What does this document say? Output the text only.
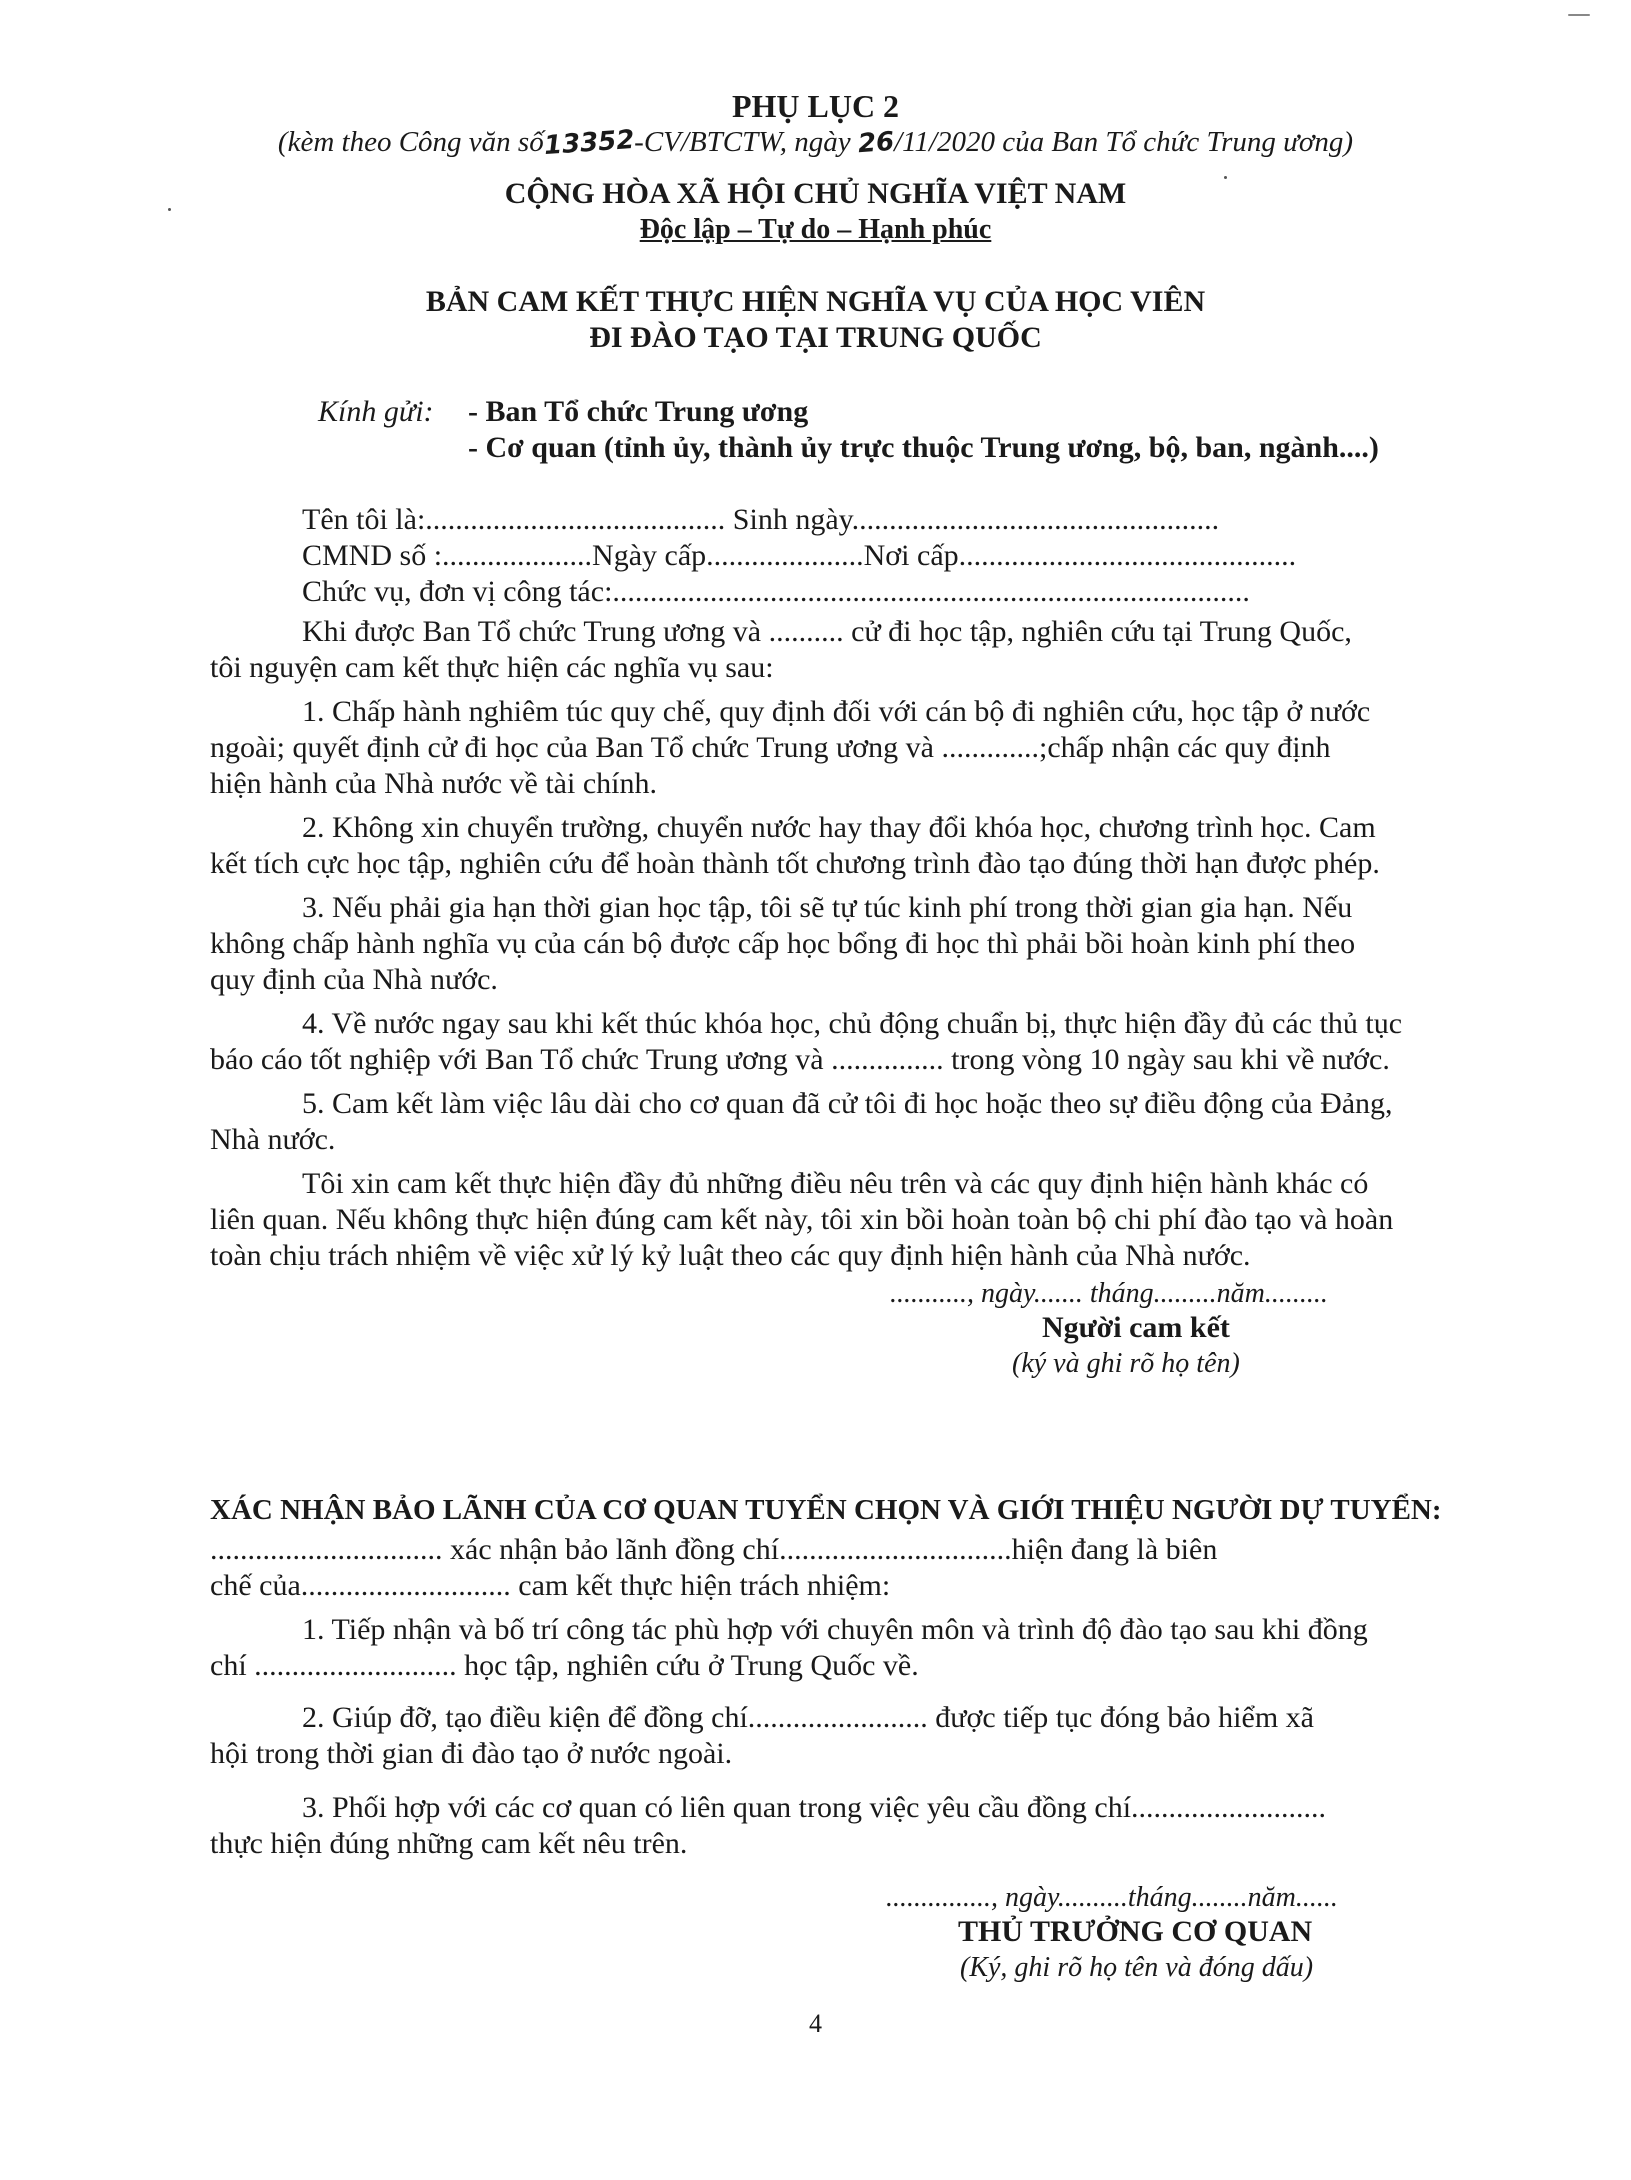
PHỤ LỤC 2
(kèm theo Công văn số13352-CV/BTCTW, ngày 26/11/2020 của Ban Tổ chức Trung ương)
CỘNG HÒA XÃ HỘI CHỦ NGHĨA VIỆT NAM
Độc lập – Tự do – Hạnh phúc
BẢN CAM KẾT THỰC HIỆN NGHĨA VỤ CỦA HỌC VIÊN
ĐI ĐÀO TẠO TẠI TRUNG QUỐC
Kính gửi: - Ban Tổ chức Trung ương
- Cơ quan (tỉnh ủy, thành ủy trực thuộc Trung ương, bộ, ban, ngành....)
Tên tôi là:........................................ Sinh ngày.................................................
CMND số :....................Ngày cấp.....................Nơi cấp.............................................
Chức vụ, đơn vị công tác:.....................................................................................
Khi được Ban Tổ chức Trung ương và .......... cử đi học tập, nghiên cứu tại Trung Quốc,
tôi nguyện cam kết thực hiện các nghĩa vụ sau:
1. Chấp hành nghiêm túc quy chế, quy định đối với cán bộ đi nghiên cứu, học tập ở nước
ngoài; quyết định cử đi học của Ban Tổ chức Trung ương và .............;chấp nhận các quy định
hiện hành của Nhà nước về tài chính.
2. Không xin chuyển trường, chuyển nước hay thay đổi khóa học, chương trình học. Cam
kết tích cực học tập, nghiên cứu để hoàn thành tốt chương trình đào tạo đúng thời hạn được phép.
3. Nếu phải gia hạn thời gian học tập, tôi sẽ tự túc kinh phí trong thời gian gia hạn. Nếu
không chấp hành nghĩa vụ của cán bộ được cấp học bổng đi học thì phải bồi hoàn kinh phí theo
quy định của Nhà nước.
4. Về nước ngay sau khi kết thúc khóa học, chủ động chuẩn bị, thực hiện đầy đủ các thủ tục
báo cáo tốt nghiệp với Ban Tổ chức Trung ương và ............... trong vòng 10 ngày sau khi về nước.
5. Cam kết làm việc lâu dài cho cơ quan đã cử tôi đi học hoặc theo sự điều động của Đảng,
Nhà nước.
Tôi xin cam kết thực hiện đầy đủ những điều nêu trên và các quy định hiện hành khác có
liên quan. Nếu không thực hiện đúng cam kết này, tôi xin bồi hoàn toàn bộ chi phí đào tạo và hoàn
toàn chịu trách nhiệm về việc xử lý kỷ luật theo các quy định hiện hành của Nhà nước.
..........., ngày....... tháng.........năm.........
Người cam kết
(ký và ghi rõ họ tên)
XÁC NHẬN BẢO LÃNH CỦA CƠ QUAN TUYỂN CHỌN VÀ GIỚI THIỆU NGƯỜI DỰ TUYỂN:
............................... xác nhận bảo lãnh đồng chí...............................hiện đang là biên
chế của............................ cam kết thực hiện trách nhiệm:
1. Tiếp nhận và bố trí công tác phù hợp với chuyên môn và trình độ đào tạo sau khi đồng
chí ........................... học tập, nghiên cứu ở Trung Quốc về.
2. Giúp đỡ, tạo điều kiện để đồng chí........................ được tiếp tục đóng bảo hiểm xã
hội trong thời gian đi đào tạo ở nước ngoài.
3. Phối hợp với các cơ quan có liên quan trong việc yêu cầu đồng chí..........................
thực hiện đúng những cam kết nêu trên.
..............., ngày..........tháng........năm......
THỦ TRƯỞNG CƠ QUAN
(Ký, ghi rõ họ tên và đóng dấu)
4
